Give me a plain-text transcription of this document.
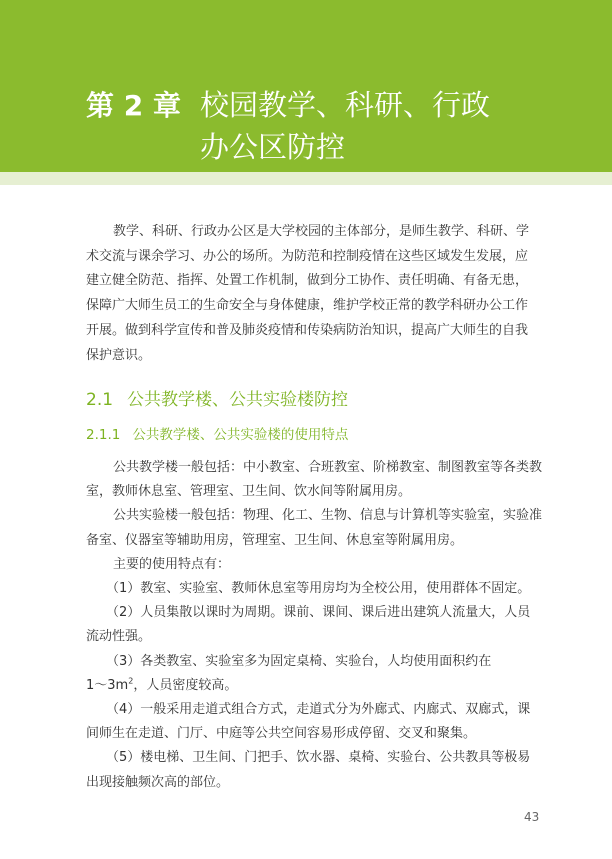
第 2 章 校园教学、科研、行政
办公区防控

教学、科研、行政办公区是大学校园的主体部分，是师生教学、科研、学
术交流与课余学习、办公的场所。为防范和控制疫情在这些区域发生发展，应
建立健全防范、指挥、处置工作机制，做到分工协作、责任明确、有备无患，
保障广大师生员工的生命安全与身体健康，维护学校正常的教学科研办公工作
开展。做到科学宣传和普及肺炎疫情和传染病防治知识，提高广大师生的自我
保护意识。

2.1 公共教学楼、公共实验楼防控
2.1.1 公共教学楼、公共实验楼的使用特点
公共教学楼一般包括：中小教室、合班教室、阶梯教室、制图教室等各类教
室，教师休息室、管理室、卫生间、饮水间等附属用房。
公共实验楼一般包括：物理、化工、生物、信息与计算机等实验室，实验准
备室、仪器室等辅助用房，管理室、卫生间、休息室等附属用房。
主要的使用特点有：
（1）教室、实验室、教师休息室等用房均为全校公用，使用群体不固定。
（2）人员集散以课时为周期。课前、课间、课后进出建筑人流量大，人员
流动性强。
（3）各类教室、实验室多为固定桌椅、实验台，人均使用面积约在
$1\sim 3m^2$，人员密度较高。
（4）一般采用走道式组合方式，走道式分为外廊式、内廊式、双廊式，课
间师生在走道、门厅、中庭等公共空间容易形成停留、交叉和聚集。
（5）楼电梯、卫生间、门把手、饮水器、桌椅、实验台、公共教具等极易
出现接触频次高的部位。
43
